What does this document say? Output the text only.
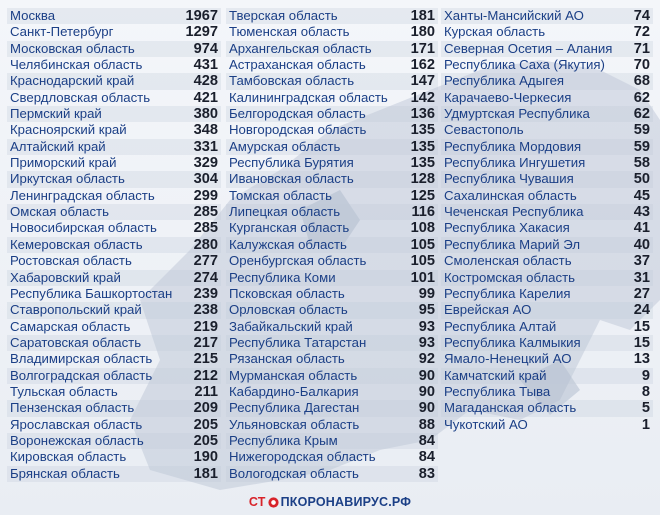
Москва	1967
Санкт-Петербург	1297
Московская область	974
Челябинская область	431
Краснодарский край	428
Свердловская область	421
Пермский край	380
Красноярский край	348
Алтайский край	331
Приморский край	329
Иркутская область	304
Ленинградская область	299
Омская область	285
Новосибирская область	285
Кемеровская область	280
Ростовская область	277
Хабаровский край	274
Республика Башкортостан 239
Ставропольский край	238
Самарская область	219
Саратовская область	217
Владимирская область	215
Волгоградская область	212
Тульская область	211
Пензенская область	209
Ярославская область	205
Воронежская область	205
Кировская область	190
Брянская область	181
Тверская область	181
Тюменская область	180
Архангельская область	171
Астраханская область	162
Тамбовская область	147
Калининградская область 142
Белгородская область	136
Новгородская область	135
Амурская область	135
Республика Бурятия	135
Ивановская область	128
Томская область	125
Липецкая область	116
Курганская область	108
Калужская область	105
Оренбургская область	105
Республика Коми	101
Псковская область	99
Орловская область	95
Забайкальский край	93
Республика Татарстан	93
Рязанская область	92
Мурманская область	90
Кабардино-Балкария	90
Республика Дагестан	90
Ульяновская область	88
Республика Крым	84
Нижегородская область	84
Вологодская область	83
Ханты-Мансийский АО	74
Курская область	72
Северная Осетия – Алания 71
Республика Саха (Якутия) 70
Республика Адыгея	68
Карачаево-Черкесия	62
Удмуртская Республика	62
Севастополь	59
Республика Мордовия	59
Республика Ингушетия	58
Республика Чувашия	50
Сахалинская область	45
Чеченская Республика	43
Республика Хакасия	41
Республика Марий Эл	40
Смоленская область	37
Костромская область	31
Республика Карелия	27
Еврейская АО	24
Республика Алтай	15
Республика Калмыкия	15
Ямало-Ненецкий АО	13
Камчатский край	9
Республика Тыва	8
Магаданская область	5
Чукотский АО	1
СТ ПКОРОНАВИРУС.РФ
